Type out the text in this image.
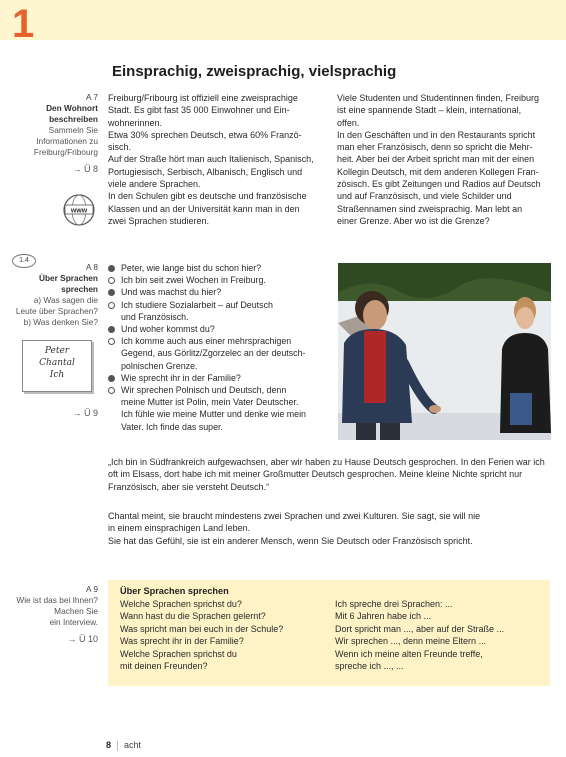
1
Einsprachig, zweisprachig, vielsprachig
A 7
Den Wohnort
beschreiben
Sammeln Sie
Informationen zu
Freiburg/Fribourg
→ Ü 8
www
Freiburg/Fribourg ist offiziell eine zweisprachige
Stadt. Es gibt fast 35 000 Einwohner und Ein-
wohnerinnen.
Etwa 30% sprechen Deutsch, etwa 60% Franzö-
sisch.
Auf der Straße hört man auch Italienisch, Spanisch,
Portugiesisch, Serbisch, Albanisch, Englisch und
viele andere Sprachen.
In den Schulen gibt es deutsche und französische
Klassen und an der Universität kann man in den
zwei Sprachen studieren.
Viele Studenten und Studentinnen finden, Freiburg
ist eine spannende Stadt – klein, international,
offen.
In den Geschäften und in den Restaurants spricht
man eher Französisch, denn so spricht die Mehr-
heit. Aber bei der Arbeit spricht man mit der einen
Kollegin Deutsch, mit dem anderen Kollegen Fran-
zösisch. Es gibt Zeitungen und Radios auf Deutsch
und auf Französisch, und viele Schilder und
Straßennamen sind zweisprachig. Man lebt an
einer Grenze. Aber wo ist die Grenze?
1.4
A 8
Über Sprachen
sprechen
a) Was sagen die
Leute über Sprachen?
b) Was denken Sie?
Peter
Chantal
Ich
→ Ü 9
Peter, wie lange bist du schon hier?
Ich bin seit zwei Wochen in Freiburg.
Und was machst du hier?
Ich studiere Sozialarbeit – auf Deutsch
und Französisch.
Und woher kommst du?
Ich komme auch aus einer mehrsprachigen
Gegend, aus Görlitz/Zgorzelec an der deutsch-
polnischen Grenze.
Wie sprecht ihr in der Familie?
Wir sprechen Polnisch und Deutsch, denn
meine Mutter ist Polin, mein Vater Deutscher.
Ich fühle wie meine Mutter und denke wie mein
Vater. Ich finde das super.
„Ich bin in Südfrankreich aufgewachsen, aber wir haben zu Hause Deutsch gesprochen. In den Ferien war ich oft im Elsass, dort habe ich mit meiner Großmutter Deutsch gesprochen. Meine kleine Nichte spricht nur Französisch, aber sie versteht Deutsch.“
Chantal meint, sie braucht mindestens zwei Sprachen und zwei Kulturen. Sie sagt, sie will nie
in einem einsprachigen Land leben.
Sie hat das Gefühl, sie ist ein anderer Mensch, wenn Sie Deutsch oder Französisch spricht.
A 9
Wie ist das bei Ihnen?
Machen Sie
ein Interview.
→ Ü 10
Über Sprachen sprechen
Welche Sprachen sprichst du?
Wann hast du die Sprachen gelernt?
Was spricht man bei euch in der Schule?
Was sprecht ihr in der Familie?
Welche Sprachen sprichst du
mit deinen Freunden?
Ich spreche drei Sprachen: ...
Mit 6 Jahren habe ich ...
Dort spricht man ..., aber auf der Straße ...
Wir sprechen ..., denn meine Eltern ...
Wenn ich meine alten Freunde treffe,
spreche ich ..., ...
8 acht
